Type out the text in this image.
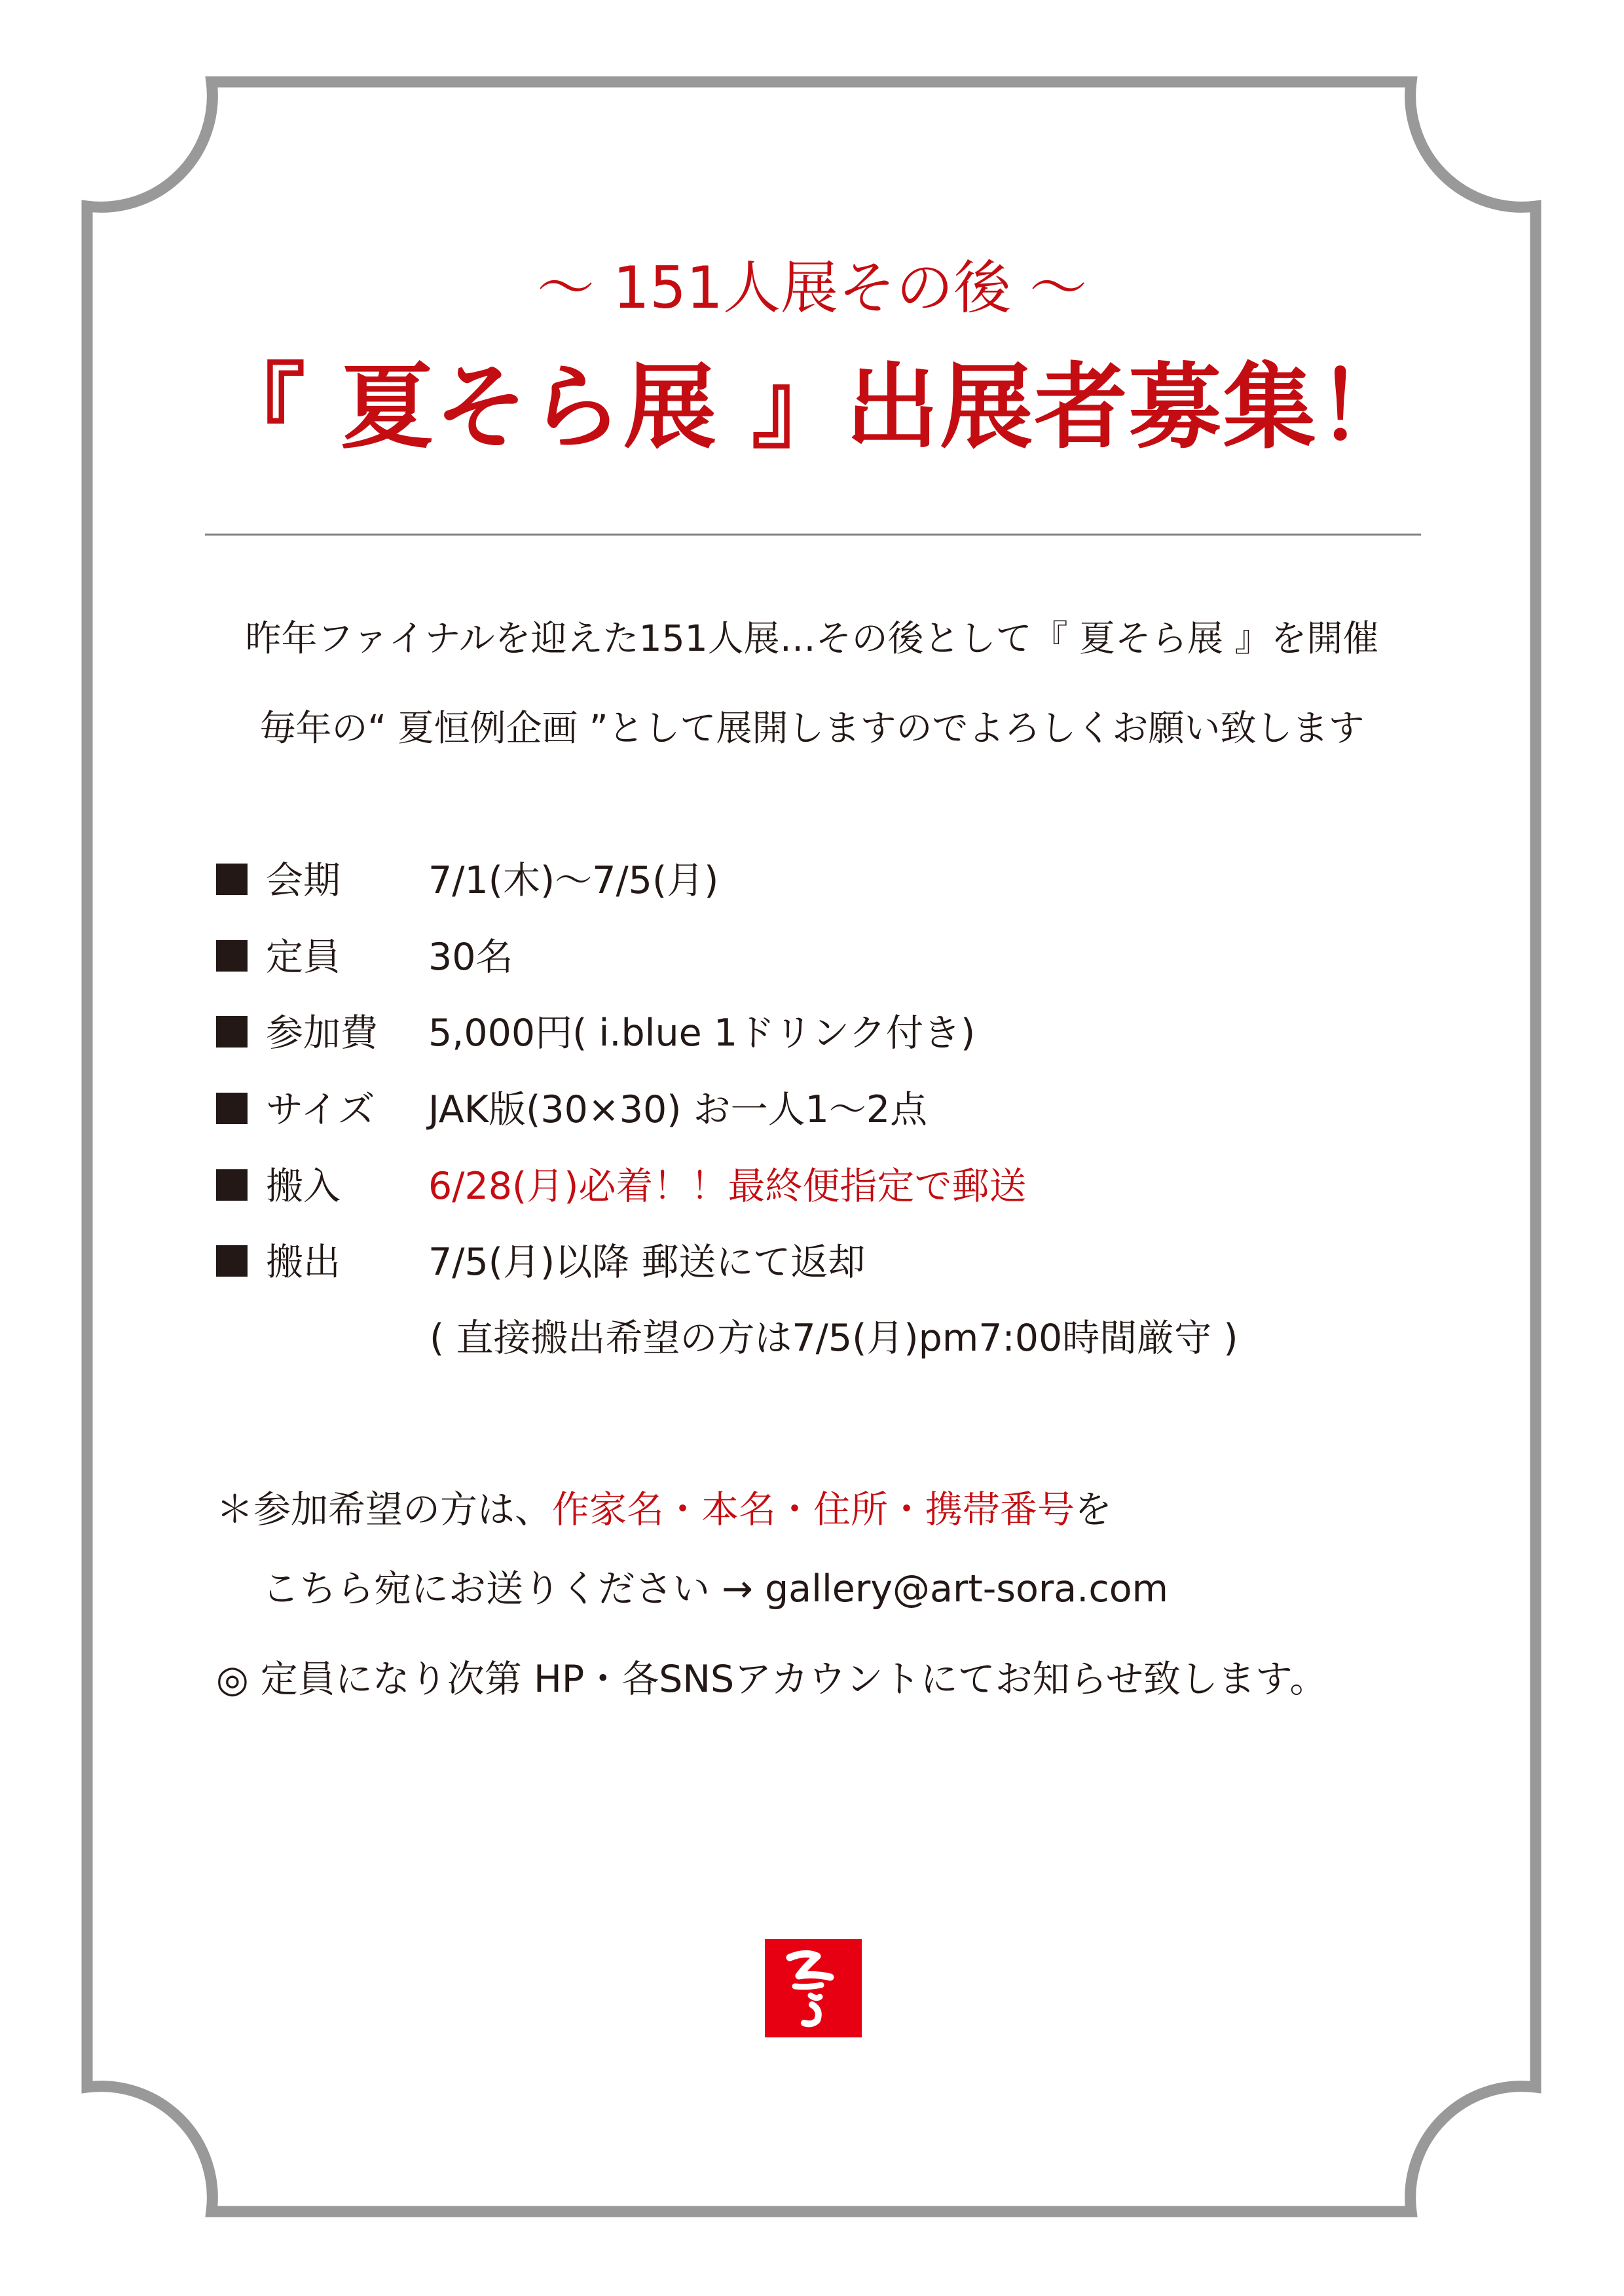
～ 151人展その後 ～
『 夏そら展 』出展者募集！
昨年ファイナルを迎えた151人展…その後として『 夏そら展 』を開催
毎年の“ 夏恒例企画 ”として展開しますのでよろしくお願い致します
会期 7/1(木)～7/5(月)
定員 30名
参加費 5,000円( i.blue 1ドリンク付き)
サイズ JAK版(30×30) お一人1～2点
搬入 6/28(月)必着！！最終便指定で郵送
搬出 7/5(月)以降 郵送にて返却
( 直接搬出希望の方は7/5(月)pm7:00時間厳守 )
＊参加希望の方は、作家名・本名・住所・携帯番号を
こちら宛にお送りください → gallery@art-sora.com
◎ 定員になり次第 HP・各SNSアカウントにてお知らせ致します。
